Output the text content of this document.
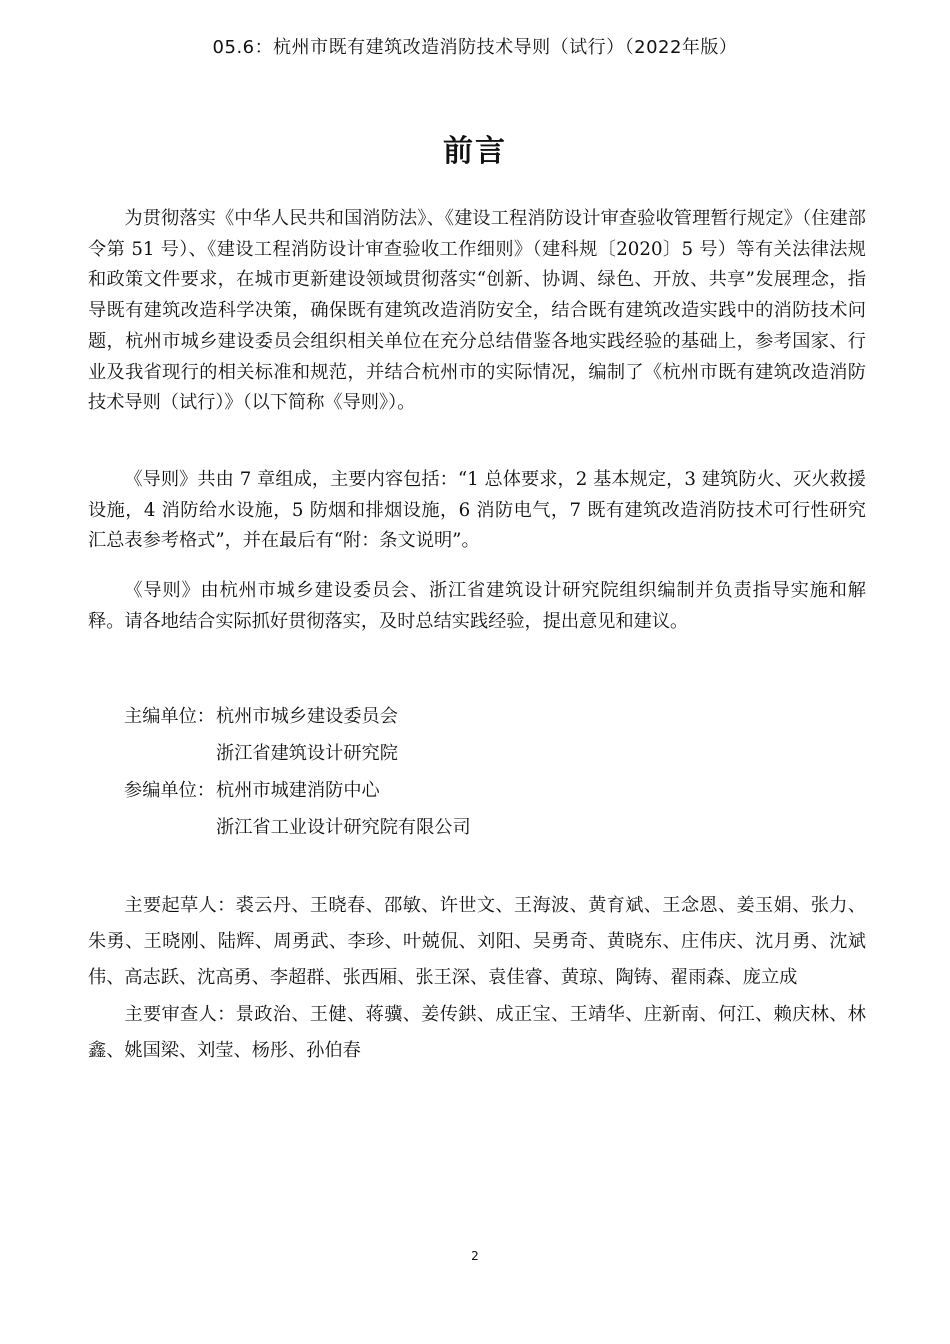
05.6：杭州市既有建筑改造消防技术导则（试行）（2022年版）
前言

为贯彻落实《中华人民共和国消防法》、《建设工程消防设计审查验收管理暂行规定》（住建部令第 51 号）、《建设工程消防设计审查验收工作细则》（建科规〔2020〕5 号）等有关法律法规和政策文件要求，在城市更新建设领域贯彻落实“创新、协调、绿色、开放、共享”发展理念，指导既有建筑改造科学决策，确保既有建筑改造消防安全，结合既有建筑改造实践中的消防技术问题，杭州市城乡建设委员会组织相关单位在充分总结借鉴各地实践经验的基础上，参考国家、行业及我省现行的相关标准和规范，并结合杭州市的实际情况，编制了《杭州市既有建筑改造消防技术导则（试行）》（以下简称《导则》）。

《导则》共由 7 章组成，主要内容包括：“1 总体要求，2 基本规定，3 建筑防火、灭火救援设施，4 消防给水设施，5 防烟和排烟设施，6 消防电气，7 既有建筑改造消防技术可行性研究汇总表参考格式”，并在最后有“附：条文说明”。

《导则》由杭州市城乡建设委员会、浙江省建筑设计研究院组织编制并负责指导实施和解释。请各地结合实际抓好贯彻落实，及时总结实践经验，提出意见和建议。

主编单位： 杭州市城乡建设委员会
浙江省建筑设计研究院
参编单位： 杭州市城建消防中心
浙江省工业设计研究院有限公司
主要起草人：裘云丹、王晓春、邵敏、许世文、王海波、黄育斌、王念恩、姜玉娟、张力、朱勇、王晓刚、陆辉、周勇武、李珍、叶兢侃、刘阳、吴勇奇、黄晓东、庄伟庆、沈月勇、沈斌伟、高志跃、沈高勇、李超群、张西厢、张王深、袁佳睿、黄琼、陶铸、翟雨森、庞立成
主要审查人：景政治、王健、蒋骥、姜传鉷、成正宝、王靖华、庄新南、何江、赖庆林、林鑫、姚国梁、刘莹、杨彤、孙伯春
2
